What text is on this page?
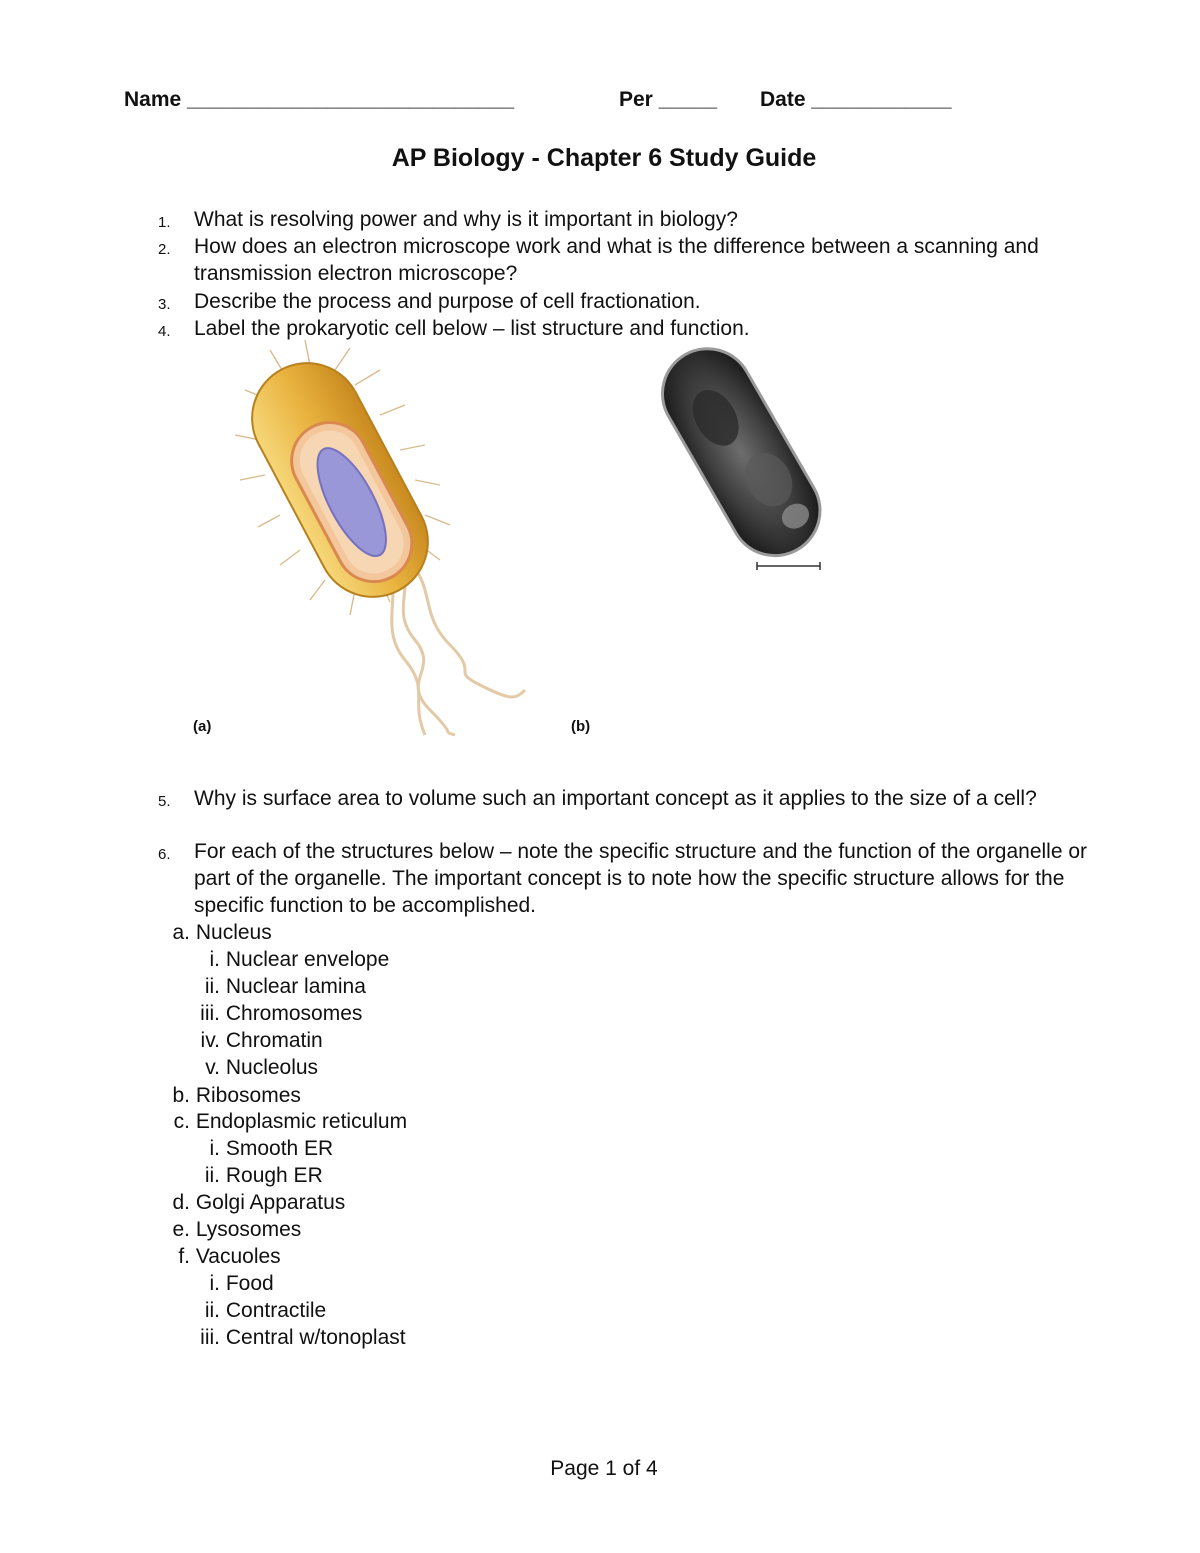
Name ____________________________	Per _____ Date ____________
AP Biology - Chapter 6 Study Guide
1.	What is resolving power and why is it important in biology?
2.	How does an electron microscope work and what is the difference between a scanning and transmission electron microscope?
3.	Describe the process and purpose of cell fractionation.
4.	Label the prokaryotic cell below – list structure and function.
(a)	(b)
5.	Why is surface area to volume such an important concept as it applies to the size of a cell?
6.	For each of the structures below – note the specific structure and the function of the organelle or part of the organelle. The important concept is to note how the specific structure allows for the specific function to be accomplished.
a. Nucleus
i. Nuclear envelope
ii. Nuclear lamina
iii. Chromosomes
iv. Chromatin
v. Nucleolus
b. Ribosomes
c. Endoplasmic reticulum
i. Smooth ER
ii. Rough ER
d. Golgi Apparatus
e. Lysosomes
f. Vacuoles
i. Food
ii. Contractile
iii. Central w/tonoplast
Page 1 of 4
